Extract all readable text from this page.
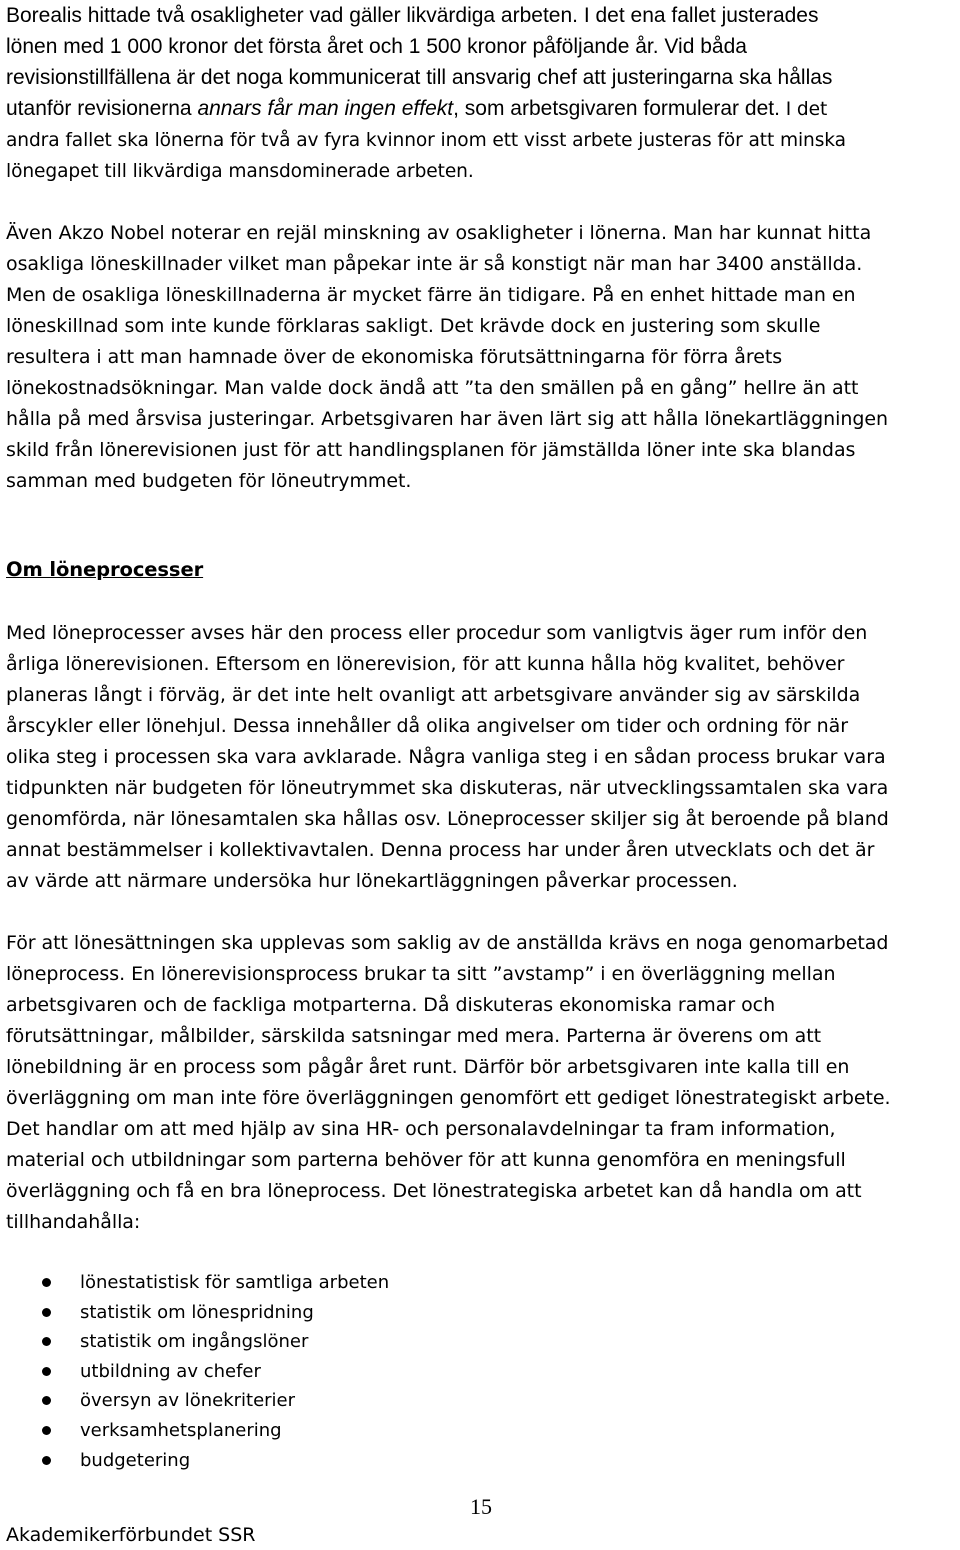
Borealis hittade två osakligheter vad gäller likvärdiga arbeten. I det ena fallet justerades
lönen med 1 000 kronor det första året och 1 500 kronor påföljande år. Vid båda
revisionstillfällena är det noga kommunicerat till ansvarig chef att justeringarna ska hållas
utanför revisionerna annars får man ingen effekt, som arbetsgivaren formulerar det. I det
andra fallet ska lönerna för två av fyra kvinnor inom ett visst arbete justeras för att minska
lönegapet till likvärdiga mansdominerade arbeten.
Även Akzo Nobel noterar en rejäl minskning av osakligheter i lönerna. Man har kunnat hitta
osakliga löneskillnader vilket man påpekar inte är så konstigt när man har 3400 anställda.
Men de osakliga löneskillnaderna är mycket färre än tidigare. På en enhet hittade man en
löneskillnad som inte kunde förklaras sakligt. Det krävde dock en justering som skulle
resultera i att man hamnade över de ekonomiska förutsättningarna för förra årets
lönekostnadsökningar. Man valde dock ändå att ”ta den smällen på en gång” hellre än att
hålla på med årsvisa justeringar. Arbetsgivaren har även lärt sig att hålla lönekartläggningen
skild från lönerevisionen just för att handlingsplanen för jämställda löner inte ska blandas
samman med budgeten för löneutrymmet.
Om löneprocesser
Med löneprocesser avses här den process eller procedur som vanligtvis äger rum inför den
årliga lönerevisionen. Eftersom en lönerevision, för att kunna hålla hög kvalitet, behöver
planeras långt i förväg, är det inte helt ovanligt att arbetsgivare använder sig av särskilda
årscykler eller lönehjul. Dessa innehåller då olika angivelser om tider och ordning för när
olika steg i processen ska vara avklarade. Några vanliga steg i en sådan process brukar vara
tidpunkten när budgeten för löneutrymmet ska diskuteras, när utvecklingssamtalen ska vara
genomförda, när lönesamtalen ska hållas osv. Löneprocesser skiljer sig åt beroende på bland
annat bestämmelser i kollektivavtalen. Denna process har under åren utvecklats och det är
av värde att närmare undersöka hur lönekartläggningen påverkar processen.
För att lönesättningen ska upplevas som saklig av de anställda krävs en noga genomarbetad
löneprocess. En lönerevisionsprocess brukar ta sitt ”avstamp” i en överläggning mellan
arbetsgivaren och de fackliga motparterna. Då diskuteras ekonomiska ramar och
förutsättningar, målbilder, särskilda satsningar med mera. Parterna är överens om att
lönebildning är en process som pågår året runt. Därför bör arbetsgivaren inte kalla till en
överläggning om man inte före överläggningen genomfört ett gediget lönestrategiskt arbete.
Det handlar om att med hjälp av sina HR- och personalavdelningar ta fram information,
material och utbildningar som parterna behöver för att kunna genomföra en meningsfull
överläggning och få en bra löneprocess. Det lönestrategiska arbetet kan då handla om att
tillhandahålla:
lönestatistisk för samtliga arbeten
statistik om lönespridning
statistik om ingångslöner
utbildning av chefer
översyn av lönekriterier
verksamhetsplanering
budgetering

15

Akademikerförbundet SSR
